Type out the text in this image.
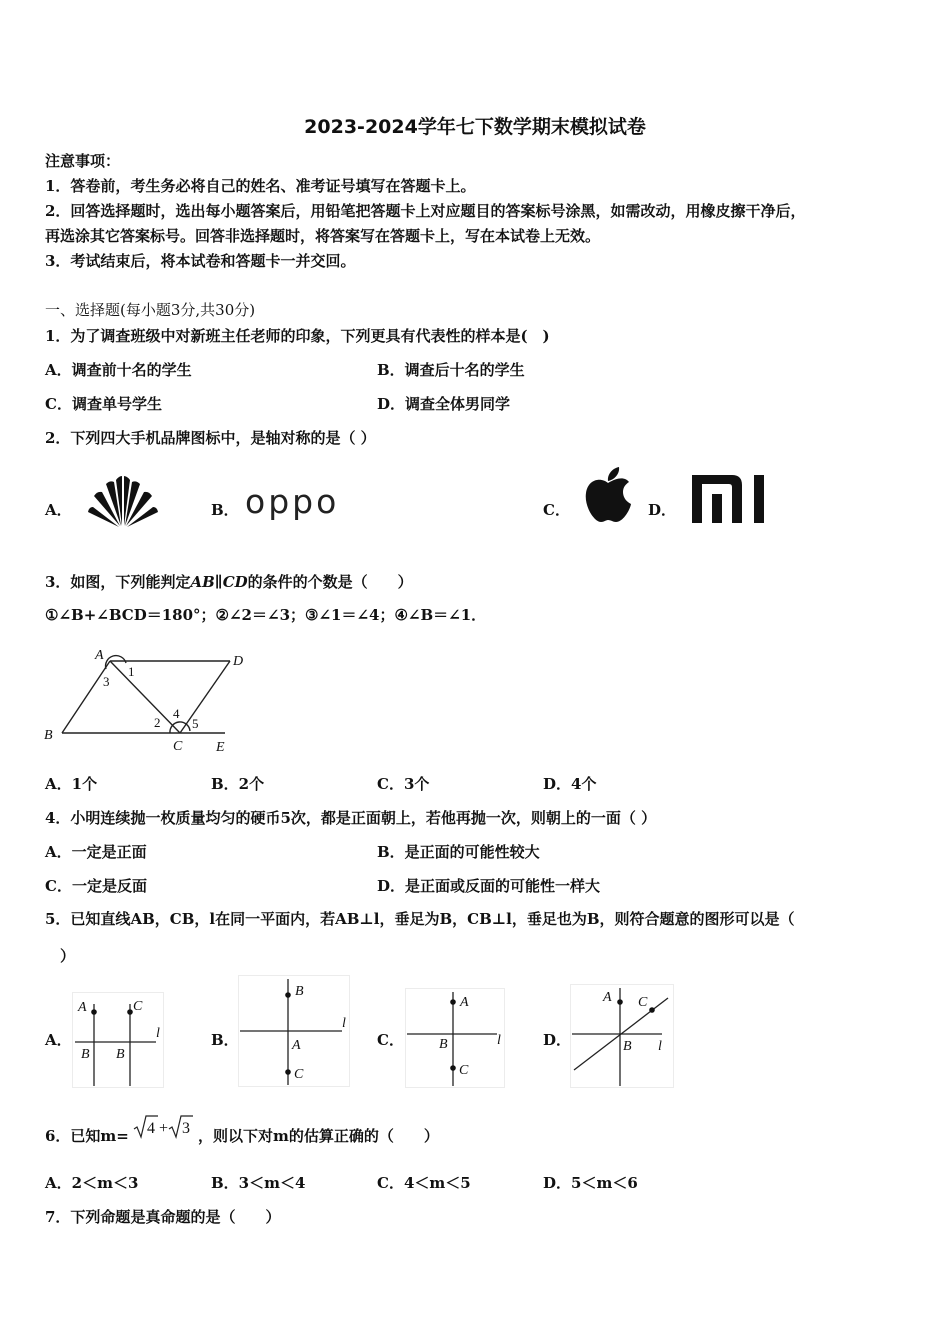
2023-2024学年七下数学期末模拟试卷
注意事项：
1．答卷前，考生务必将自己的姓名、准考证号填写在答题卡上。
2．回答选择题时，选出每小题答案后，用铅笔把答题卡上对应题目的答案标号涂黑，如需改动，用橡皮擦干净后，
再选涂其它答案标号。回答非选择题时，将答案写在答题卡上，写在本试卷上无效。
3．考试结束后，将本试卷和答题卡一并交回。
一、选择题(每小题3分,共30分)
1．为了调查班级中对新班主任老师的印象，下列更具有代表性的样本是(　)
A．调查前十名的学生	B．调查后十名的学生
C．调查单号学生	D．调查全体男同学
2．下列四大手机品牌图标中，是轴对称的是（ ）
A．	B． oppo	C．	D．
3．如图，下列能判定AB∥CD的条件的个数是（　　）
①∠B+∠BCD＝180°；②∠2＝∠3；③∠1＝∠4；④∠B＝∠1．
A	D
B
C E
1
3
2
4
5
A．1个	B．2个	C．3个	D．4个
4．小明连续抛一枚质量均匀的硬币5次，都是正面朝上，若他再抛一次，则朝上的一面（ ）
A．一定是正面	B．是正面的可能性较大
C．一定是反面	D．是正面或反面的可能性一样大
5．已知直线AB，CB，l在同一平面内，若AB⊥l，垂足为B，CB⊥l，垂足也为B，则符合题意的图形可以是（
）
A．
A	C
l
B B
B．
B
l
A
C
C．
A
l
B
C
D．
A C
B l
6．已知m= 4 + 3 ，则以下对m的估算正确的（　　）
A．2＜m＜3	B．3＜m＜4	C．4＜m＜5	D．5＜m＜6
7．下列命题是真命题的是（　　）
